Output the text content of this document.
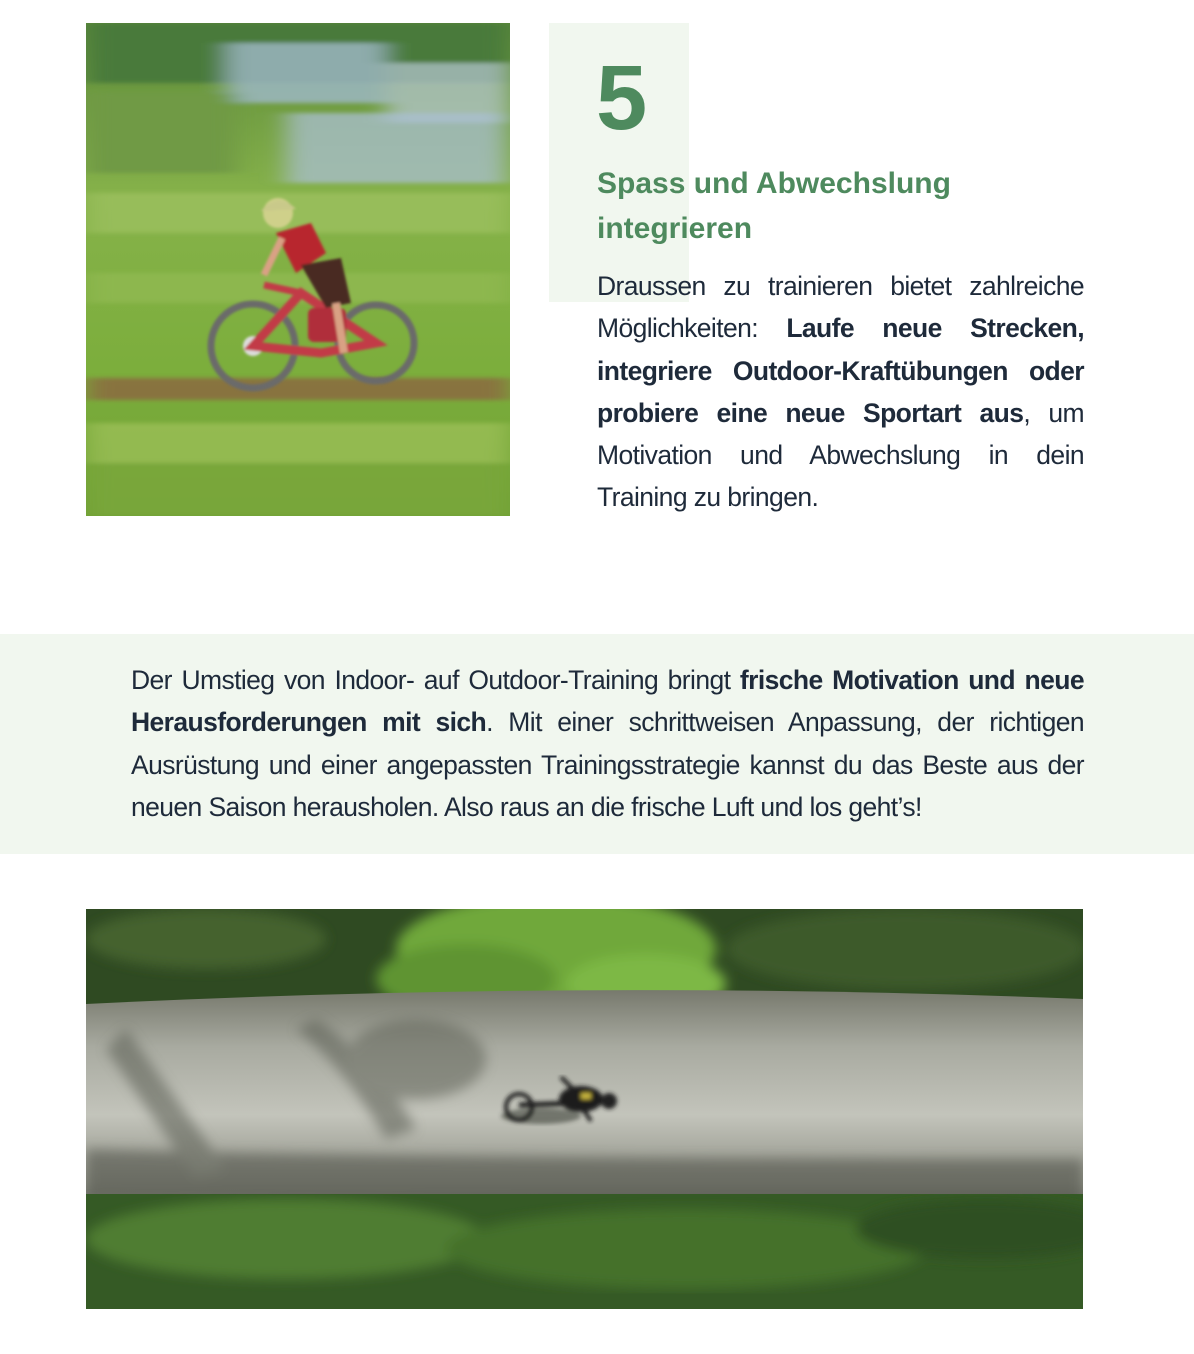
5
Spass und Abwechslung integrieren

Draussen zu trainieren bietet zahlreiche Möglichkeiten: Laufe neue Strecken, integriere Outdoor-Kraftübungen oder probiere eine neue Sportart aus, um Motivation und Abwechslung in dein Training zu bringen.

Der Umstieg von Indoor- auf Outdoor-Training bringt frische Motivation und neue Herausforderungen mit sich. Mit einer schrittweisen Anpassung, der richtigen Ausrüstung und einer angepassten Trainingsstrategie kannst du das Beste aus der neuen Saison herausholen. Also raus an die frische Luft und los geht’s!
